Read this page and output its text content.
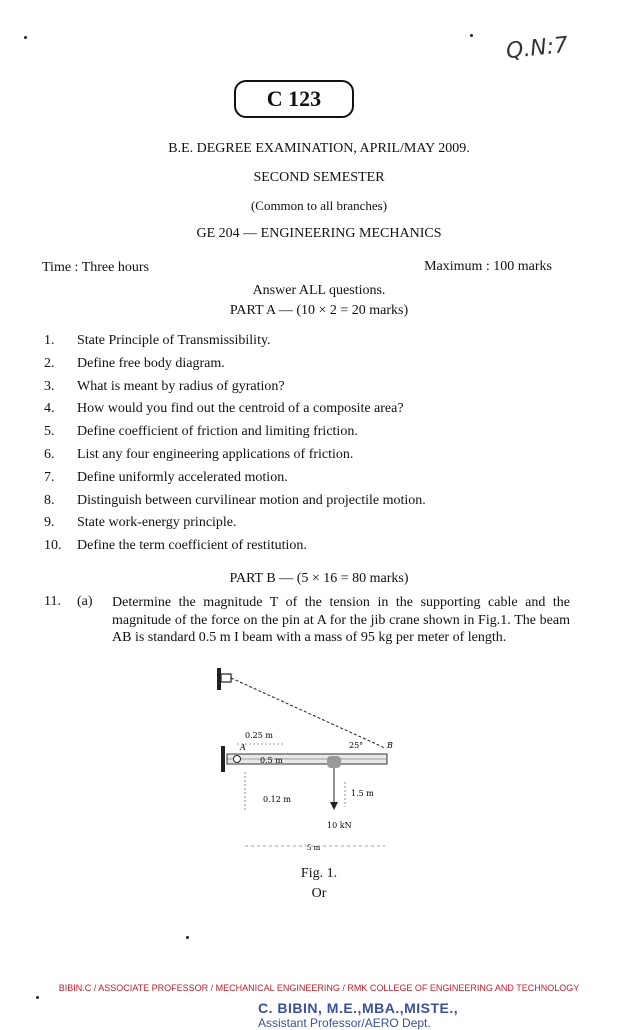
Q.N:7
C 123
B.E. DEGREE EXAMINATION, APRIL/MAY 2009.
SECOND SEMESTER
(Common to all branches)
GE 204 — ENGINEERING MECHANICS
Time : Three hours	Maximum : 100 marks
Answer ALL questions.
PART A — (10 × 2 = 20 marks)
1.	State Principle of Transmissibility.
2.	Define free body diagram.
3.	What is meant by radius of gyration?
4.	How would you find out the centroid of a composite area?
5.	Define coefficient of friction and limiting friction.
6.	List any four engineering applications of friction.
7.	Define uniformly accelerated motion.
8.	Distinguish between curvilinear motion and projectile motion.
9.	State work-energy principle.
10.	Define the term coefficient of restitution.
PART B — (5 × 16 = 80 marks)
11. (a) Determine the magnitude T of the tension in the supporting cable and the magnitude of the force on the pin at A for the jib crane shown in Fig.1. The beam AB is standard 0.5 m I beam with a mass of 95 kg per meter of length.
0.25 m
A	25°	B
0.5 m
0.12 m
1.5 m
10 kN
5 m
Fig. 1.
Or
BIBIN.C / ASSOCIATE PROFESSOR / MECHANICAL ENGINEERING / RMK COLLEGE OF ENGINEERING AND TECHNOLOGY
C. BIBIN, M.E.,MBA.,MISTE.,
Assistant Professor/AERO Dept.
